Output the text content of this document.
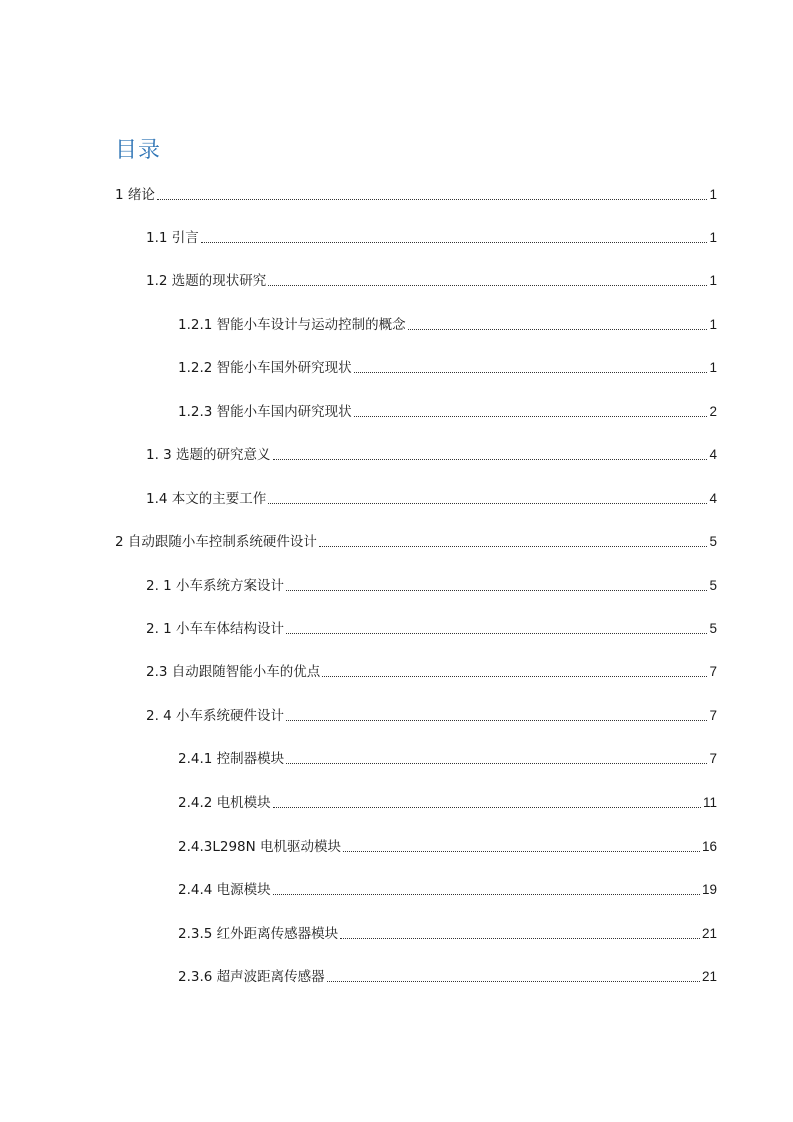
目录
1 绪论	1
1.1 引言	1
1.2 选题的现状研究	1
1.2.1 智能小车设计与运动控制的概念	1
1.2.2 智能小车国外研究现状	1
1.2.3 智能小车国内研究现状	2
1. 3 选题的研究意义	4
1.4 本文的主要工作	4
2 自动跟随小车控制系统硬件设计	5
2. 1 小车系统方案设计	5
2. 1 小车车体结构设计	5
2.3 自动跟随智能小车的优点	7
2. 4 小车系统硬件设计	7
2.4.1 控制器模块	7
2.4.2 电机模块	11
2.4.3L298N 电机驱动模块	16
2.4.4 电源模块	19
2.3.5 红外距离传感器模块	21
2.3.6 超声波距离传感器	21
